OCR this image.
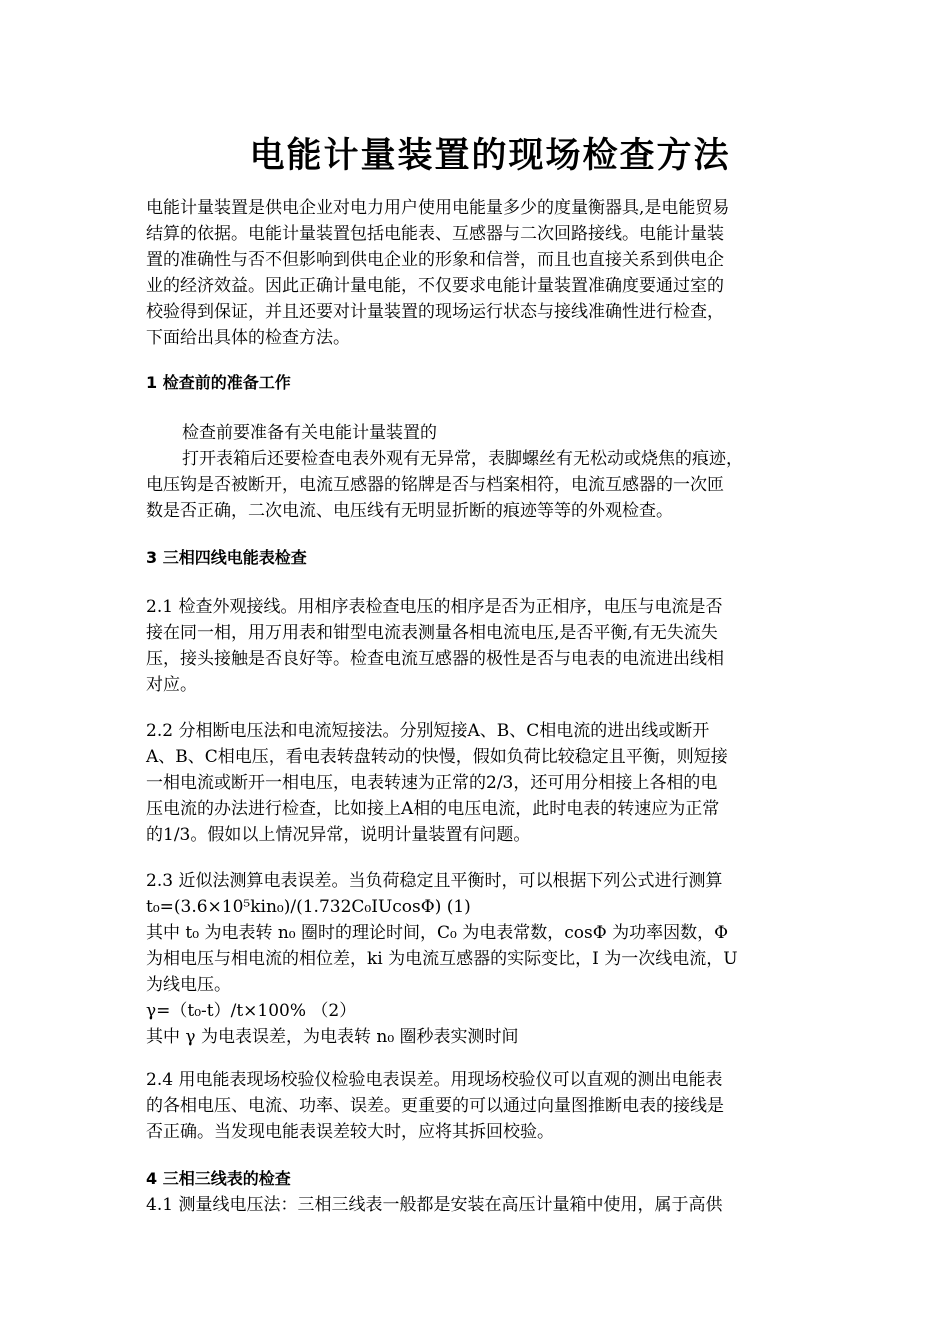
电能计量装置的现场检查方法
电能计量装置是供电企业对电力用户使用电能量多少的度量衡器具,是电能贸易
结算的依据。电能计量装置包括电能表、互感器与二次回路接线。电能计量装
置的准确性与否不但影响到供电企业的形象和信誉，而且也直接关系到供电企
业的经济效益。因此正确计量电能，不仅要求电能计量装置准确度要通过室的
校验得到保证，并且还要对计量装置的现场运行状态与接线准确性进行检查，
下面给出具体的检查方法。
1 检查前的准备工作
检查前要准备有关电能计量装置的
打开表箱后还要检查电表外观有无异常，表脚螺丝有无松动或烧焦的痕迹，
电压钩是否被断开，电流互感器的铭牌是否与档案相符，电流互感器的一次匝
数是否正确，二次电流、电压线有无明显折断的痕迹等等的外观检查。
3 三相四线电能表检查
2.1 检查外观接线。用相序表检查电压的相序是否为正相序，电压与电流是否
接在同一相，用万用表和钳型电流表测量各相电流电压,是否平衡,有无失流失
压，接头接触是否良好等。检查电流互感器的极性是否与电表的电流进出线相
对应。
2.2 分相断电压法和电流短接法。分别短接A、B、C相电流的进出线或断开
A、B、C相电压，看电表转盘转动的快慢，假如负荷比较稳定且平衡，则短接
一相电流或断开一相电压，电表转速为正常的2/3，还可用分相接上各相的电
压电流的办法进行检查，比如接上A相的电压电流，此时电表的转速应为正常
的1/3。假如以上情况异常，说明计量装置有问题。
2.3 近似法测算电表误差。当负荷稳定且平衡时，可以根据下列公式进行测算
t₀=(3.6×10⁵kin₀)/(1.732C₀IUcosΦ) (1)
其中 t₀ 为电表转 n₀ 圈时的理论时间，C₀ 为电表常数，cosΦ 为功率因数，Φ
为相电压与相电流的相位差，ki 为电流互感器的实际变比，I 为一次线电流，U
为线电压。
γ=（t₀-t）/t×100% （2）
其中 γ 为电表误差，为电表转 n₀ 圈秒表实测时间
2.4 用电能表现场校验仪检验电表误差。用现场校验仪可以直观的测出电能表
的各相电压、电流、功率、误差。更重要的可以通过向量图推断电表的接线是
否正确。当发现电能表误差较大时，应将其拆回校验。
4 三相三线表的检查
4.1 测量线电压法：三相三线表一般都是安装在高压计量箱中使用，属于高供
